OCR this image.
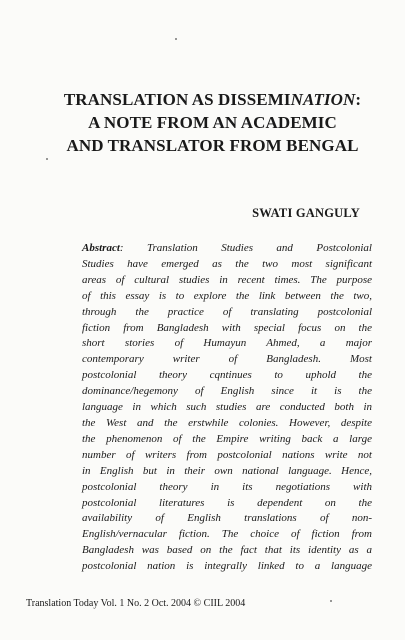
TRANSLATION AS DISSEMINATION:
A NOTE FROM AN ACADEMIC
AND TRANSLATOR FROM BENGAL
SWATI GANGULY
Abstract: Translation Studies and Postcolonial
Studies have emerged as the two most significant
areas of cultural studies in recent times. The purpose
of this essay is to explore the link between the two,
through the practice of translating postcolonial
fiction from Bangladesh with special focus on the
short stories of Humayun Ahmed, a major
contemporary writer of Bangladesh. Most
postcolonial theory cqntinues to uphold the
dominance/hegemony of English since it is the
language in which such studies are conducted both in
the West and the erstwhile colonies. However, despite
the phenomenon of the Empire writing back a large
number of writers from postcolonial nations write not
in English but in their own national language. Hence,
postcolonial theory in its negotiations with
postcolonial literatures is dependent on the
availability of English translations of non-
English/vernacular fiction. The choice of fiction from
Bangladesh was based on the fact that its identity as a
postcolonial nation is integrally linked to a language
Translation Today Vol. 1 No. 2 Oct. 2004 © CIIL 2004
